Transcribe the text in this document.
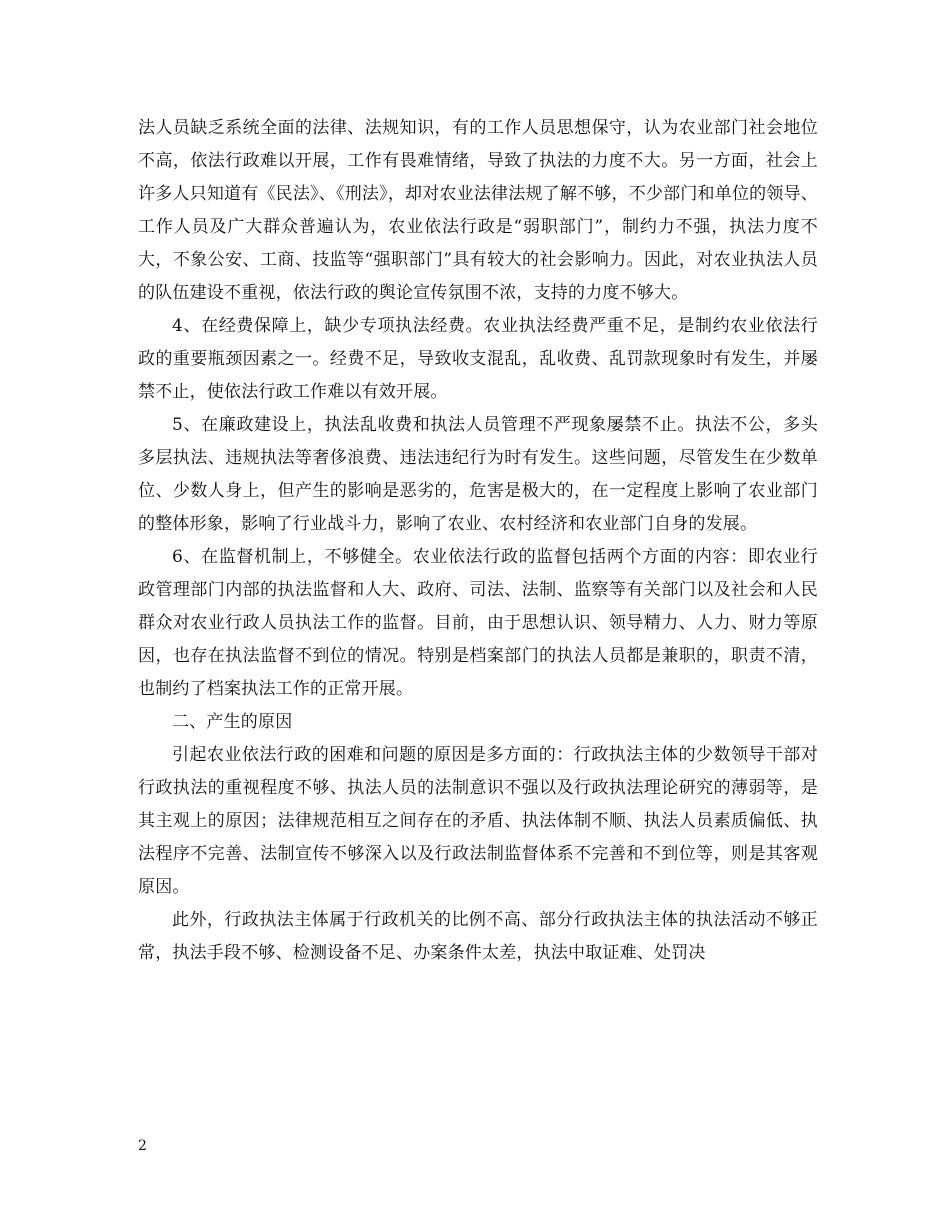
法人员缺乏系统全面的法律、法规知识，有的工作人员思想保守，认为农业部门社会地位不高，依法行政难以开展，工作有畏难情绪，导致了执法的力度不大。另一方面，社会上许多人只知道有《民法》、《刑法》，却对农业法律法规了解不够，不少部门和单位的领导、工作人员及广大群众普遍认为，农业依法行政是“弱职部门”，制约力不强，执法力度不大，不象公安、工商、技监等“强职部门”具有较大的社会影响力。因此，对农业执法人员的队伍建设不重视，依法行政的舆论宣传氛围不浓，支持的力度不够大。

4、在经费保障上，缺少专项执法经费。农业执法经费严重不足，是制约农业依法行政的重要瓶颈因素之一。经费不足，导致收支混乱，乱收费、乱罚款现象时有发生，并屡禁不止，使依法行政工作难以有效开展。

5、在廉政建设上，执法乱收费和执法人员管理不严现象屡禁不止。执法不公，多头多层执法、违规执法等奢侈浪费、违法违纪行为时有发生。这些问题，尽管发生在少数单位、少数人身上，但产生的影响是恶劣的，危害是极大的，在一定程度上影响了农业部门的整体形象，影响了行业战斗力，影响了农业、农村经济和农业部门自身的发展。

6、在监督机制上，不够健全。农业依法行政的监督包括两个方面的内容：即农业行政管理部门内部的执法监督和人大、政府、司法、法制、监察等有关部门以及社会和人民群众对农业行政人员执法工作的监督。目前，由于思想认识、领导精力、人力、财力等原因，也存在执法监督不到位的情况。特别是档案部门的执法人员都是兼职的，职责不清，也制约了档案执法工作的正常开展。

二、产生的原因

引起农业依法行政的困难和问题的原因是多方面的：行政执法主体的少数领导干部对行政执法的重视程度不够、执法人员的法制意识不强以及行政执法理论研究的薄弱等，是其主观上的原因；法律规范相互之间存在的矛盾、执法体制不顺、执法人员素质偏低、执法程序不完善、法制宣传不够深入以及行政法制监督体系不完善和不到位等，则是其客观原因。

此外，行政执法主体属于行政机关的比例不高、部分行政执法主体的执法活动不够正常，执法手段不够、检测设备不足、办案条件太差，执法中取证难、处罚决

2
